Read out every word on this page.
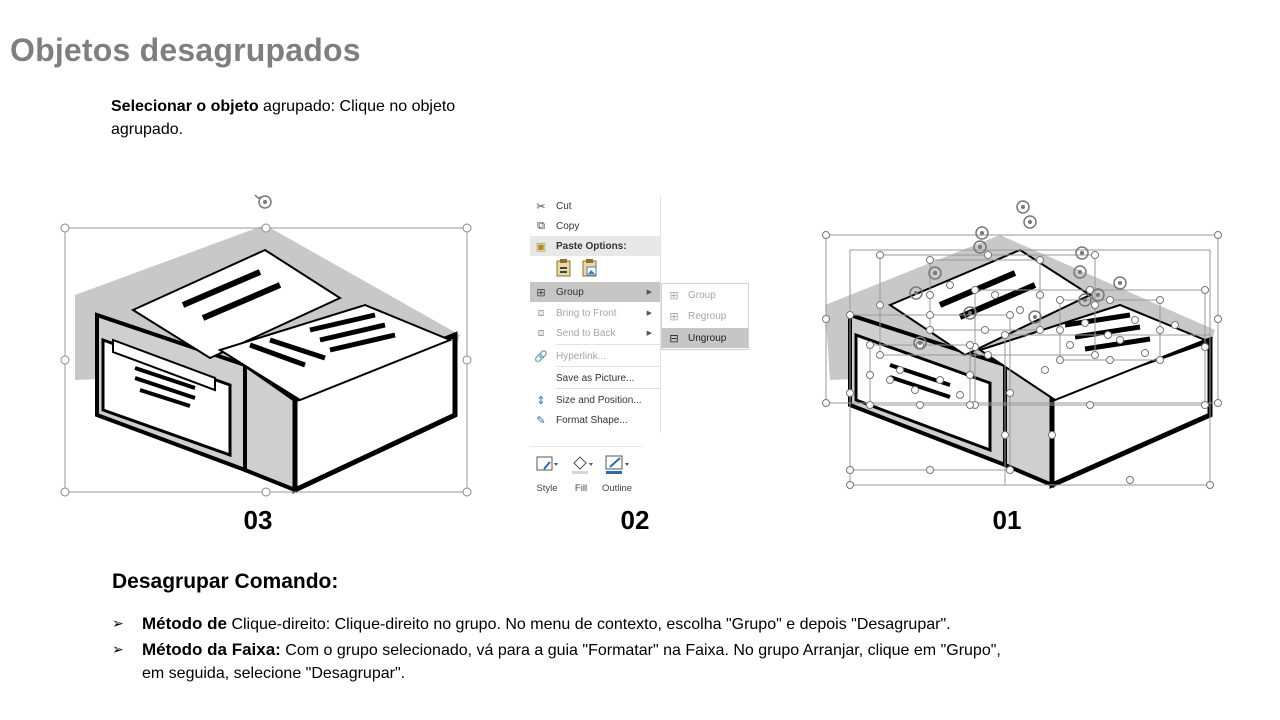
Objetos desagrupados
Selecionar o objeto agrupado: Clique no objeto agrupado.
03
✂	Cut
⧉	Copy
▣ Paste Options:
⊞	Group	▶
⧈	Bring to Front	▶
⧈	Send to Back	▶
🔗 Hyperlink...
Save as Picture...
⇕	Size and Position...
✎	Format Shape...
⊞ Group
⊞ Regroup
⊟ Ungroup
Style	Fill	Outline
02	01
Desagrupar Comando:
➢ Método de Clique-direito: Clique-direito no grupo. No menu de contexto, escolha "Grupo" e depois "Desagrupar".
➢ Método da Faixa: Com o grupo selecionado, vá para a guia "Formatar" na Faixa. No grupo Arranjar, clique em "Grupo", em seguida, selecione "Desagrupar".
